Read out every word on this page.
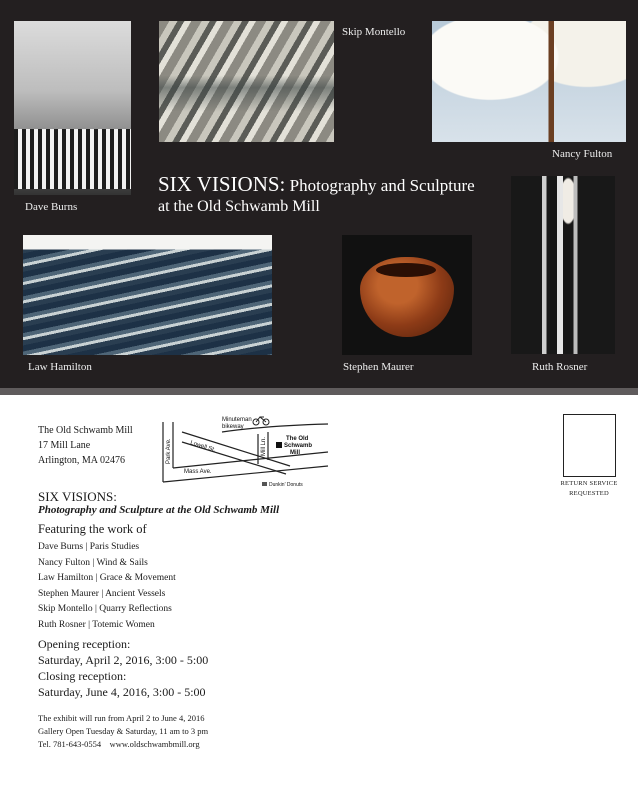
Dave Burns
Skip Montello
Nancy Fulton
Law Hamilton	Stephen Maurer	Ruth Rosner
SIX VISIONS: Photography and Sculpture
at the Old Schwamb Mill
The Old Schwamb Mill
17 Mill Lane
Arlington, MA 02476
Minuteman
bikeway
Park Ave.	Lowell St.	Mill Ln.
Mass Ave.
The Old
Schwamb
Mill
Dunkin' Donuts	RETURN SERVICE
REQUESTED
SIX VISIONS:
Photography and Sculpture at the Old Schwamb Mill
Featuring the work of
Dave Burns | Paris Studies
Nancy Fulton | Wind & Sails
Law Hamilton | Grace & Movement
Stephen Maurer | Ancient Vessels
Skip Montello | Quarry Reflections
Ruth Rosner | Totemic Women
Opening reception:
Saturday, April 2, 2016, 3:00 - 5:00
Closing reception:
Saturday, June 4, 2016, 3:00 - 5:00
The exhibit will run from April 2 to June 4, 2016
Gallery Open Tuesday & Saturday, 11 am to 3 pm
Tel. 781-643-0554    www.oldschwambmill.org
